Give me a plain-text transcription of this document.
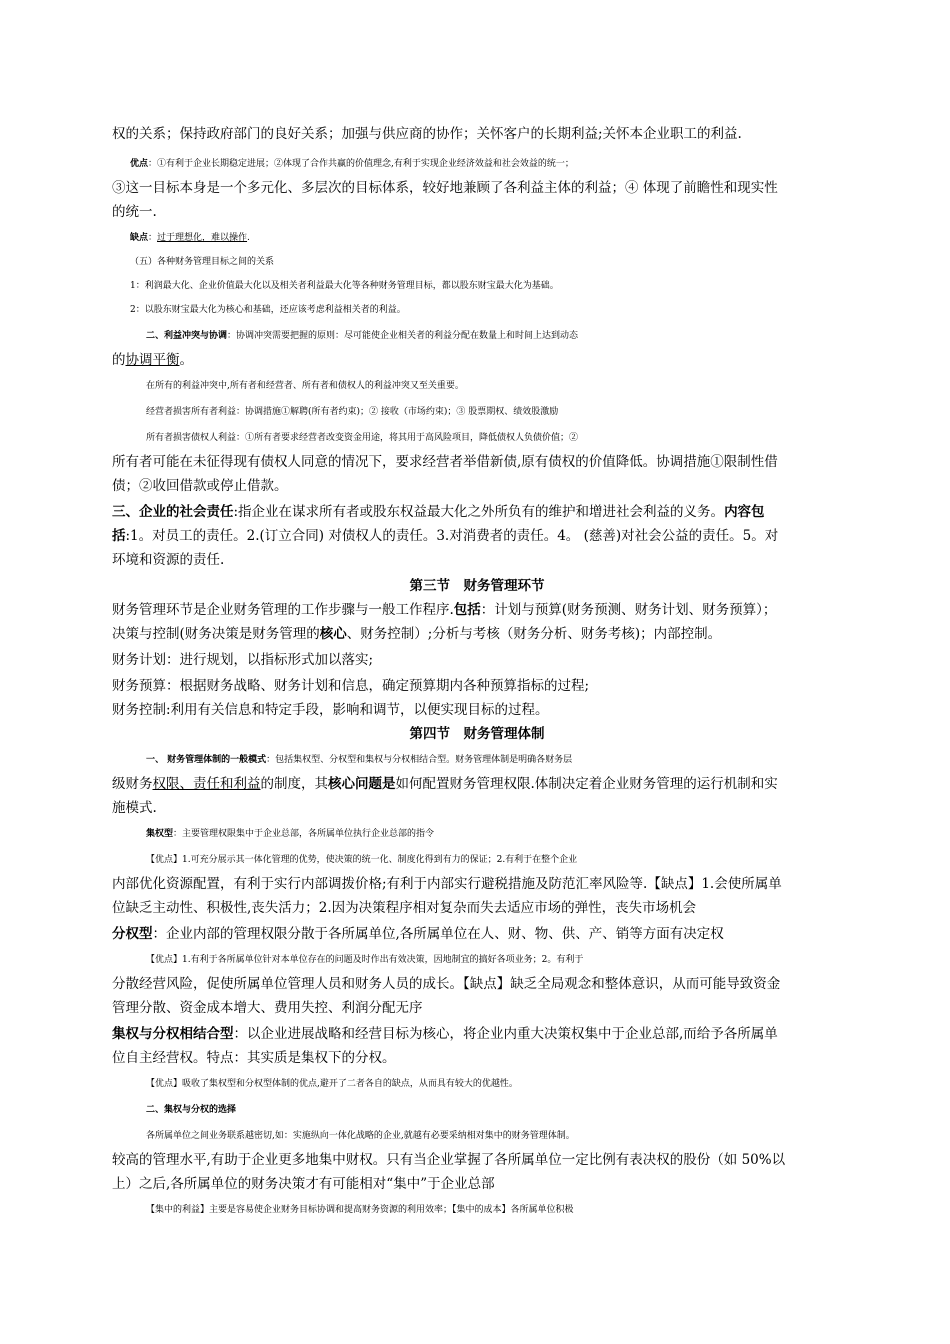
权的关系；保持政府部门的良好关系；加强与供应商的协作；关怀客户的长期利益;关怀本企业职工的利益.
优点：①有利于企业长期稳定进展；②体现了合作共赢的价值理念,有利于实现企业经济效益和社会效益的统一；
③这一目标本身是一个多元化、多层次的目标体系，较好地兼顾了各利益主体的利益；④ 体现了前瞻性和现实性
的统一.
缺点：过于理想化，难以操作.
（五）各种财务管理目标之间的关系
1：利润最大化、企业价值最大化以及相关者利益最大化等各种财务管理目标，都以股东财宝最大化为基础。
2：以股东财宝最大化为核心和基础，还应该考虑利益相关者的利益。
二、利益冲突与协调：协调冲突需要把握的原则：尽可能使企业相关者的利益分配在数量上和时间上达到动态
的协调平衡。
在所有的利益冲突中,所有者和经营者、所有者和债权人的利益冲突又至关重要。
经营者损害所有者利益：协调措施①解聘(所有者约束)；② 接收（市场约束)；③ 股票期权、绩效股激励
所有者损害债权人利益：①所有者要求经营者改变资金用途，将其用于高风险项目，降低债权人负债价值；②
所有者可能在未征得现有债权人同意的情况下，要求经营者举借新债,原有债权的价值降低。协调措施①限制性借
债；②收回借款或停止借款。
三、企业的社会责任:指企业在谋求所有者或股东权益最大化之外所负有的维护和增进社会利益的义务。内容包
括:1。对员工的责任。2.(订立合同) 对债权人的责任。3.对消费者的责任。4。 (慈善)对社会公益的责任。5。对
环境和资源的责任.
第三节　财务管理环节
财务管理环节是企业财务管理的工作步骤与一般工作程序.包括：计划与预算(财务预测、财务计划、财务预算）；
决策与控制(财务决策是财务管理的核心、财务控制）;分析与考核（财务分析、财务考核)；内部控制。
财务计划：进行规划，以指标形式加以落实;
财务预算：根据财务战略、财务计划和信息，确定预算期内各种预算指标的过程;
财务控制:利用有关信息和特定手段，影响和调节，以便实现目标的过程。
第四节　财务管理体制
一、 财务管理体制的一般模式：包括集权型、分权型和集权与分权相结合型。财务管理体制是明确各财务层
级财务权限、责任和利益的制度，其核心问题是如何配置财务管理权限.体制决定着企业财务管理的运行机制和实
施模式.
集权型：主要管理权限集中于企业总部，各所属单位执行企业总部的指令
【优点】1.可充分展示其一体化管理的优势，使决策的统一化、制度化得到有力的保证；2.有利于在整个企业
内部优化资源配置，有利于实行内部调拨价格;有利于内部实行避税措施及防范汇率风险等.【缺点】1.会使所属单
位缺乏主动性、积极性,丧失活力；2.因为决策程序相对复杂而失去适应市场的弹性，丧失市场机会
分权型：企业内部的管理权限分散于各所属单位,各所属单位在人、财、物、供、产、销等方面有决定权
【优点】1.有利于各所属单位针对本单位存在的问题及时作出有效决策，因地制宜的搞好各项业务；2。有利于
分散经营风险，促使所属单位管理人员和财务人员的成长。【缺点】缺乏全局观念和整体意识，从而可能导致资金
管理分散、资金成本增大、费用失控、利润分配无序
集权与分权相结合型：以企业进展战略和经营目标为核心，将企业内重大决策权集中于企业总部,而给予各所属单
位自主经营权。特点：其实质是集权下的分权。
【优点】吸收了集权型和分权型体制的优点,避开了二者各自的缺点，从而具有较大的优越性。
二、集权与分权的选择
各所属单位之间业务联系越密切,如：实施纵向一体化战略的企业,就越有必要采纳相对集中的财务管理体制。
较高的管理水平,有助于企业更多地集中财权。只有当企业掌握了各所属单位一定比例有表决权的股份（如 50%以
上）之后,各所属单位的财务决策才有可能相对“集中”于企业总部
【集中的利益】主要是容易使企业财务目标协调和提高财务资源的利用效率；【集中的成本】各所属单位积极
